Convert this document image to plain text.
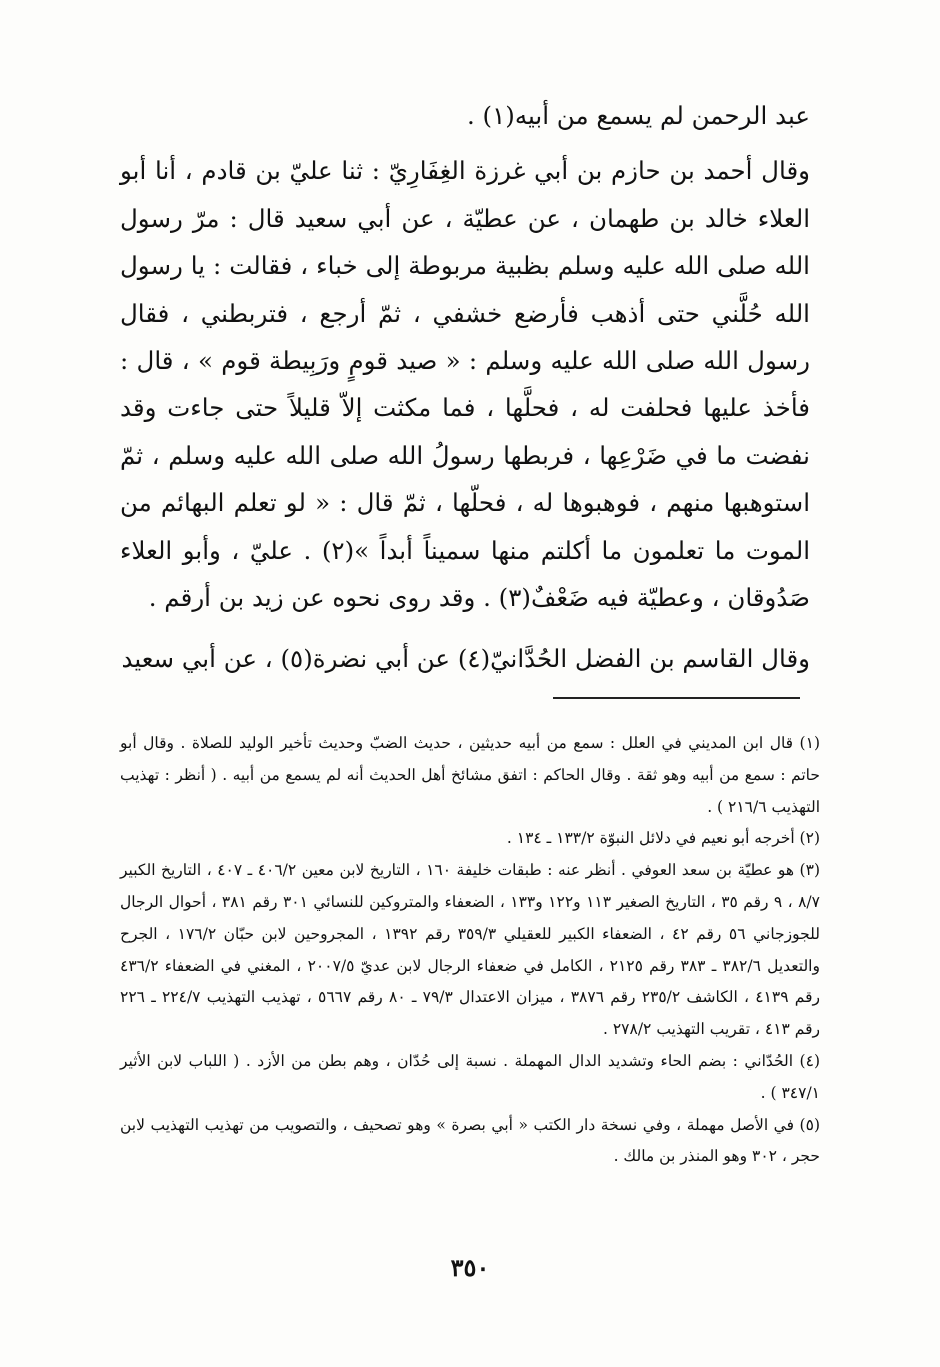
عبد الرحمن لم يسمع من أبيه(١) .

وقال أحمد بن حازم بن أبي غرزة الغِفَارِيّ : ثنا عليّ بن قادم ، أنا أبو العلاء خالد بن طهمان ، عن عطيّة ، عن أبي سعيد قال : مرّ رسول الله صلى الله عليه وسلم بظبية مربوطة إلى خباء ، فقالت : يا رسول الله حُلَّني حتى أذهب فأرضع خشفي ، ثمّ أرجع ، فتربطني ، فقال رسول الله صلى الله عليه وسلم : « صيد قومٍ ورَبِيطة قوم » ، قال : فأخذ عليها فحلفت له ، فحلَّها ، فما مكثت إلاّ قليلاً حتى جاءت وقد نفضت ما في ضَرْعِها ، فربطها رسولُ الله صلى الله عليه وسلم ، ثمّ استوهبها منهم ، فوهبوها له ، فحلّها ، ثمّ قال : « لو تعلم البهائم من الموت ما تعلمون ما أكلتم منها سميناً أبداً »(٢) . عليّ ، وأبو العلاء صَدُوقان ، وعطيّة فيه ضَعْفٌ(٣) . وقد روى نحوه عن زيد بن أرقم .

وقال القاسم بن الفضل الحُدَّانيّ(٤) عن أبي نضرة(٥) ، عن أبي سعيد

(١) قال ابن المديني في العلل : سمع من أبيه حديثين ، حديث الضبّ وحديث تأخير الوليد للصلاة . وقال أبو حاتم : سمع من أبيه وهو ثقة . وقال الحاكم : اتفق مشائخ أهل الحديث أنه لم يسمع من أبيه . ( أنظر : تهذيب التهذيب ٢١٦/٦ ) .

(٢) أخرجه أبو نعيم في دلائل النبوّة ١٣٣/٢ ـ ١٣٤ .

(٣) هو عطيّة بن سعد العوفي . أنظر عنه : طبقات خليفة ١٦٠ ، التاريخ لابن معين ٤٠٦/٢ ـ ٤٠٧ ، التاريخ الكبير ٨/٧ ، ٩ رقم ٣٥ ، التاريخ الصغير ١١٣ و١٢٢ و١٣٣ ، الضعفاء والمتروكين للنسائي ٣٠١ رقم ٣٨١ ، أحوال الرجال للجوزجاني ٥٦ رقم ٤٢ ، الضعفاء الكبير للعقيلي ٣٥٩/٣ رقم ١٣٩٢ ، المجروحين لابن حبّان ١٧٦/٢ ، الجرح والتعديل ٣٨٢/٦ ـ ٣٨٣ رقم ٢١٢٥ ، الكامل في ضعفاء الرجال لابن عديّ ٢٠٠٧/٥ ، المغني في الضعفاء ٤٣٦/٢ رقم ٤١٣٩ ، الكاشف ٢٣٥/٢ رقم ٣٨٧٦ ، ميزان الاعتدال ٧٩/٣ ـ ٨٠ رقم ٥٦٦٧ ، تهذيب التهذيب ٢٢٤/٧ ـ ٢٢٦ رقم ٤١٣ ، تقريب التهذيب ٢٧٨/٢ .

(٤) الحُدّاني : بضم الحاء وتشديد الدال المهملة . نسبة إلى حُدّان ، وهم بطن من الأزد . ( اللباب لابن الأثير ٣٤٧/١ ) .

(٥) في الأصل مهملة ، وفي نسخة دار الكتب « أبي بصرة » وهو تصحيف ، والتصويب من تهذيب التهذيب لابن حجر ، ٣٠٢ وهو المنذر بن مالك .

٣٥٠
